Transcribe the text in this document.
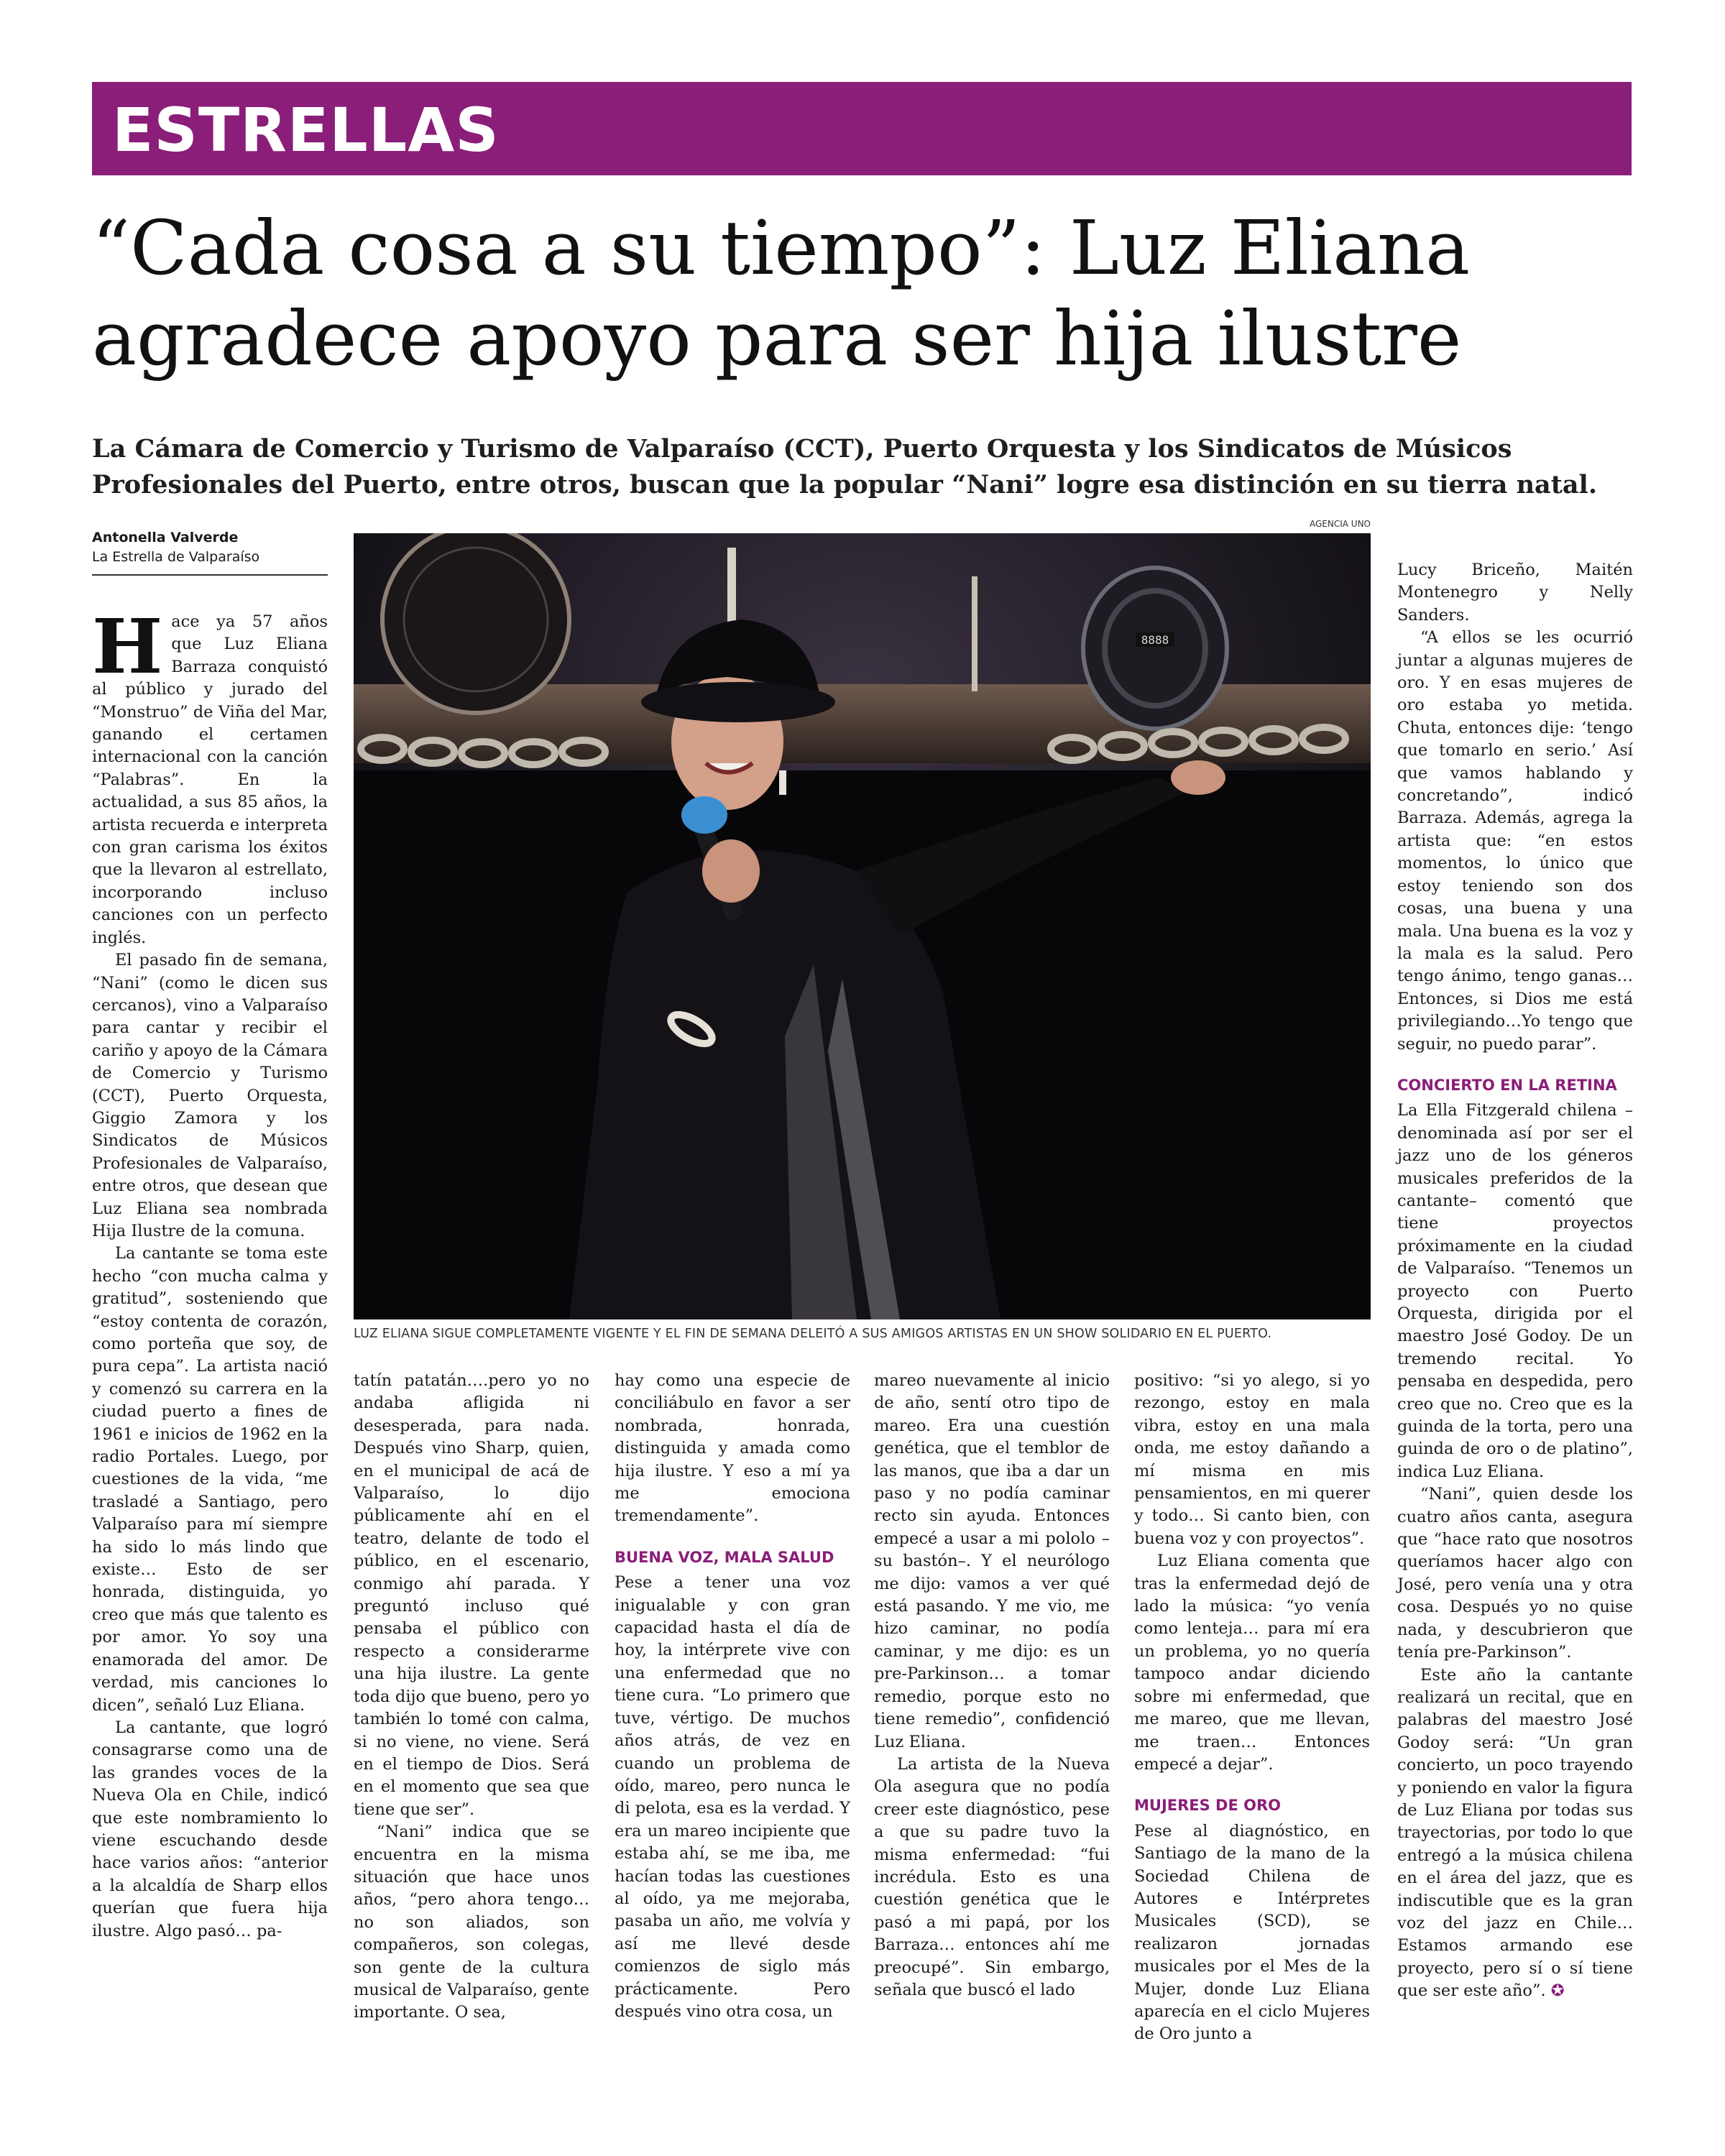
ESTRELLAS
“Cada cosa a su tiempo”: Luz Eliana agradece apoyo para ser hija ilustre
La Cámara de Comercio y Turismo de Valparaíso (CCT), Puerto Orquesta y los Sindicatos de Músicos Profesionales del Puerto, entre otros, buscan que la popular “Nani” logre esa distinción en su tierra natal.
Antonella Valverde
La Estrella de Valparaíso

Hace ya 57 años que Luz Eliana Barraza conquistó al público y jurado del “Monstruo” de Viña del Mar, ganando el certamen internacional con la canción “Palabras”. En la actualidad, a sus 85 años, la artista recuerda e interpreta con gran carisma los éxitos que la llevaron al estrellato, incorporando incluso canciones con un perfecto inglés.

El pasado fin de semana, “Nani” (como le dicen sus cercanos), vino a Valparaíso para cantar y recibir el cariño y apoyo de la Cámara de Comercio y Turismo (CCT), Puerto Orquesta, Giggio Zamora y los Sindicatos de Músicos Profesionales de Valparaíso, entre otros, que desean que Luz Eliana sea nombrada Hija Ilustre de la comuna.

La cantante se toma este hecho “con mucha calma y gratitud”, sosteniendo que “estoy contenta de corazón, como porteña que soy, de pura cepa”. La artista nació y comenzó su carrera en la ciudad puerto a fines de 1961 e inicios de 1962 en la radio Portales. Luego, por cuestiones de la vida, “me trasladé a Santiago, pero Valparaíso para mí siempre ha sido lo más lindo que existe… Esto de ser honrada, distinguida, yo creo que más que talento es por amor. Yo soy una enamorada del amor. De verdad, mis canciones lo dicen”, señaló Luz Eliana.

La cantante, que logró consagrarse como una de las grandes voces de la Nueva Ola en Chile, indicó que este nombramiento lo viene escuchando desde hace varios años: “anterior a la alcaldía de Sharp ellos querían que fuera hija ilustre. Algo pasó… pa-

AGENCIA UNO
8888
LUZ ELIANA SIGUE COMPLETAMENTE VIGENTE Y EL FIN DE SEMANA DELEITÓ A SUS AMIGOS ARTISTAS EN UN SHOW SOLIDARIO EN EL PUERTO.

tatín patatán….pero yo no andaba afligida ni desesperada, para nada. Después vino Sharp, quien, en el municipal de acá de Valparaíso, lo dijo públicamente ahí en el teatro, delante de todo el público, en el escenario, conmigo ahí parada. Y preguntó incluso qué pensaba el público con respecto a considerarme una hija ilustre. La gente toda dijo que bueno, pero yo también lo tomé con calma, si no viene, no viene. Será en el tiempo de Dios. Será en el momento que sea que tiene que ser”.

“Nani” indica que se encuentra en la misma situación que hace unos años, “pero ahora tengo… no son aliados, son compañeros, son colegas, son gente de la cultura musical de Valparaíso, gente importante. O sea,

hay como una especie de conciliábulo en favor a ser nombrada, honrada, distinguida y amada como hija ilustre. Y eso a mí ya me emociona tremendamente”.

BUENA VOZ, MALA SALUD

Pese a tener una voz inigualable y con gran capacidad hasta el día de hoy, la intérprete vive con una enfermedad que no tiene cura. “Lo primero que tuve, vértigo. De muchos años atrás, de vez en cuando un problema de oído, mareo, pero nunca le di pelota, esa es la verdad. Y era un mareo incipiente que estaba ahí, se me iba, me hacían todas las cuestiones al oído, ya me mejoraba, pasaba un año, me volvía y así me llevé desde comienzos de siglo más prácticamente. Pero después vino otra cosa, un

mareo nuevamente al inicio de año, sentí otro tipo de mareo. Era una cuestión genética, que el temblor de las manos, que iba a dar un paso y no podía caminar recto sin ayuda. Entonces empecé a usar a mi pololo –su bastón–. Y el neurólogo me dijo: vamos a ver qué está pasando. Y me vio, me hizo caminar, no podía caminar, y me dijo: es un pre-Parkinson… a tomar remedio, porque esto no tiene remedio”, confidenció Luz Eliana.

La artista de la Nueva Ola asegura que no podía creer este diagnóstico, pese a que su padre tuvo la misma enfermedad: “fui incrédula. Esto es una cuestión genética que le pasó a mi papá, por los Barraza… entonces ahí me preocupé”. Sin embargo, señala que buscó el lado

positivo: “si yo alego, si yo rezongo, estoy en mala vibra, estoy en una mala onda, me estoy dañando a mí misma en mis pensamientos, en mi querer y todo… Si canto bien, con buena voz y con proyectos”.

Luz Eliana comenta que tras la enfermedad dejó de lado la música: “yo venía como lenteja… para mí era un problema, yo no quería tampoco andar diciendo sobre mi enfermedad, que me mareo, que me llevan, me traen… Entonces empecé a dejar”.

MUJERES DE ORO

Pese al diagnóstico, en Santiago de la mano de la Sociedad Chilena de Autores e Intérpretes Musicales (SCD), se realizaron jornadas musicales por el Mes de la Mujer, donde Luz Eliana aparecía en el ciclo Mujeres de Oro junto a

Lucy Briceño, Maitén Montenegro y Nelly Sanders.

“A ellos se les ocurrió juntar a algunas mujeres de oro. Y en esas mujeres de oro estaba yo metida. Chuta, entonces dije: ‘tengo que tomarlo en serio.’ Así que vamos hablando y concretando”, indicó Barraza. Además, agrega la artista que: “en estos momentos, lo único que estoy teniendo son dos cosas, una buena y una mala. Una buena es la voz y la mala es la salud. Pero tengo ánimo, tengo ganas… Entonces, si Dios me está privilegiando…Yo tengo que seguir, no puedo parar”.

CONCIERTO EN LA RETINA

La Ella Fitzgerald chilena –denominada así por ser el jazz uno de los géneros musicales preferidos de la cantante– comentó que tiene proyectos próximamente en la ciudad de Valparaíso. “Tenemos un proyecto con Puerto Orquesta, dirigida por el maestro José Godoy. De un tremendo recital. Yo pensaba en despedida, pero creo que no. Creo que es la guinda de la torta, pero una guinda de oro o de platino”, indica Luz Eliana.

“Nani”, quien desde los cuatro años canta, asegura que “hace rato que nosotros queríamos hacer algo con José, pero venía una y otra cosa. Después yo no quise nada, y descubrieron que tenía pre-Parkinson”.

Este año la cantante realizará un recital, que en palabras del maestro José Godoy será: “Un gran concierto, un poco trayendo y poniendo en valor la figura de Luz Eliana por todas sus trayectorias, por todo lo que entregó a la música chilena en el área del jazz, que es indiscutible que es la gran voz del jazz en Chile… Estamos armando ese proyecto, pero sí o sí tiene que ser este año”. ✪
